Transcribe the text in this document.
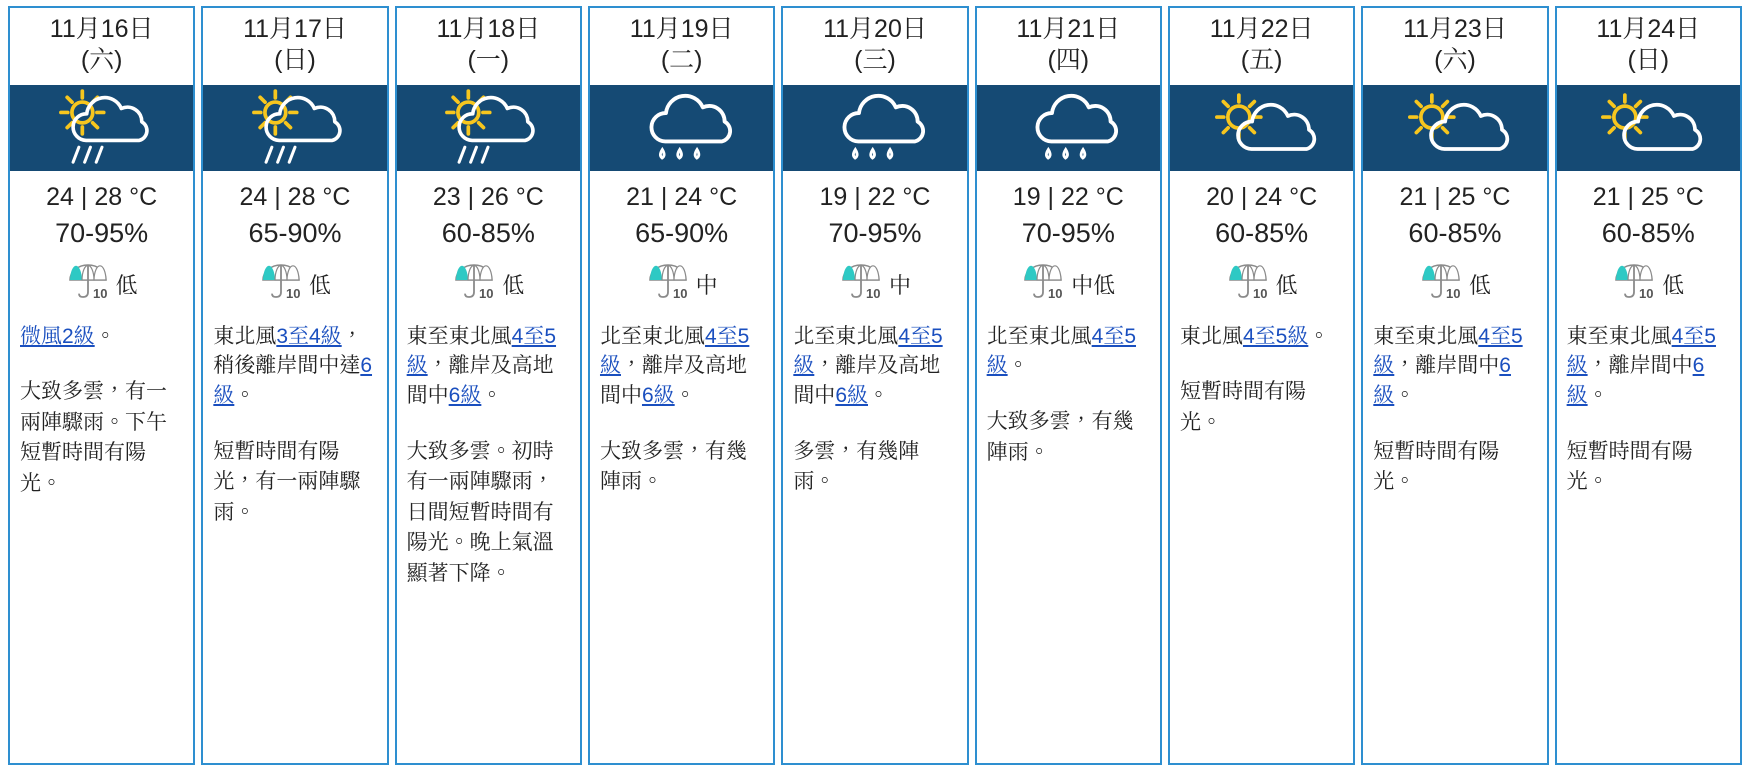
11月16日
(六)
24 | 28 °C
70-95%
10 低
微風2級。
大致多雲，有一兩陣驟雨。下午短暫時間有陽光。
11月17日
(日)
24 | 28 °C
65-90%
10 低
東北風3至4級，稍後離岸間中達6級。
短暫時間有陽光，有一兩陣驟雨。
11月18日
(一)
23 | 26 °C
60-85%
10 低
東至東北風4至5級，離岸及高地間中6級。
大致多雲。初時有一兩陣驟雨，日間短暫時間有陽光。晚上氣溫顯著下降。
11月19日
(二)
21 | 24 °C
65-90%
10 中
北至東北風4至5級，離岸及高地間中6級。
大致多雲，有幾陣雨。
11月20日
(三)
19 | 22 °C
70-95%
10 中
北至東北風4至5級，離岸及高地間中6級。
多雲，有幾陣雨。
11月21日
(四)
19 | 22 °C
70-95%
10 中低
北至東北風4至5級。
大致多雲，有幾陣雨。
11月22日
(五)
20 | 24 °C
60-85%
10 低
東北風4至5級。
短暫時間有陽光。
11月23日
(六)
21 | 25 °C
60-85%
10 低
東至東北風4至5級，離岸間中6級。
短暫時間有陽光。
11月24日
(日)
21 | 25 °C
60-85%
10 低
東至東北風4至5級，離岸間中6級。
短暫時間有陽光。
